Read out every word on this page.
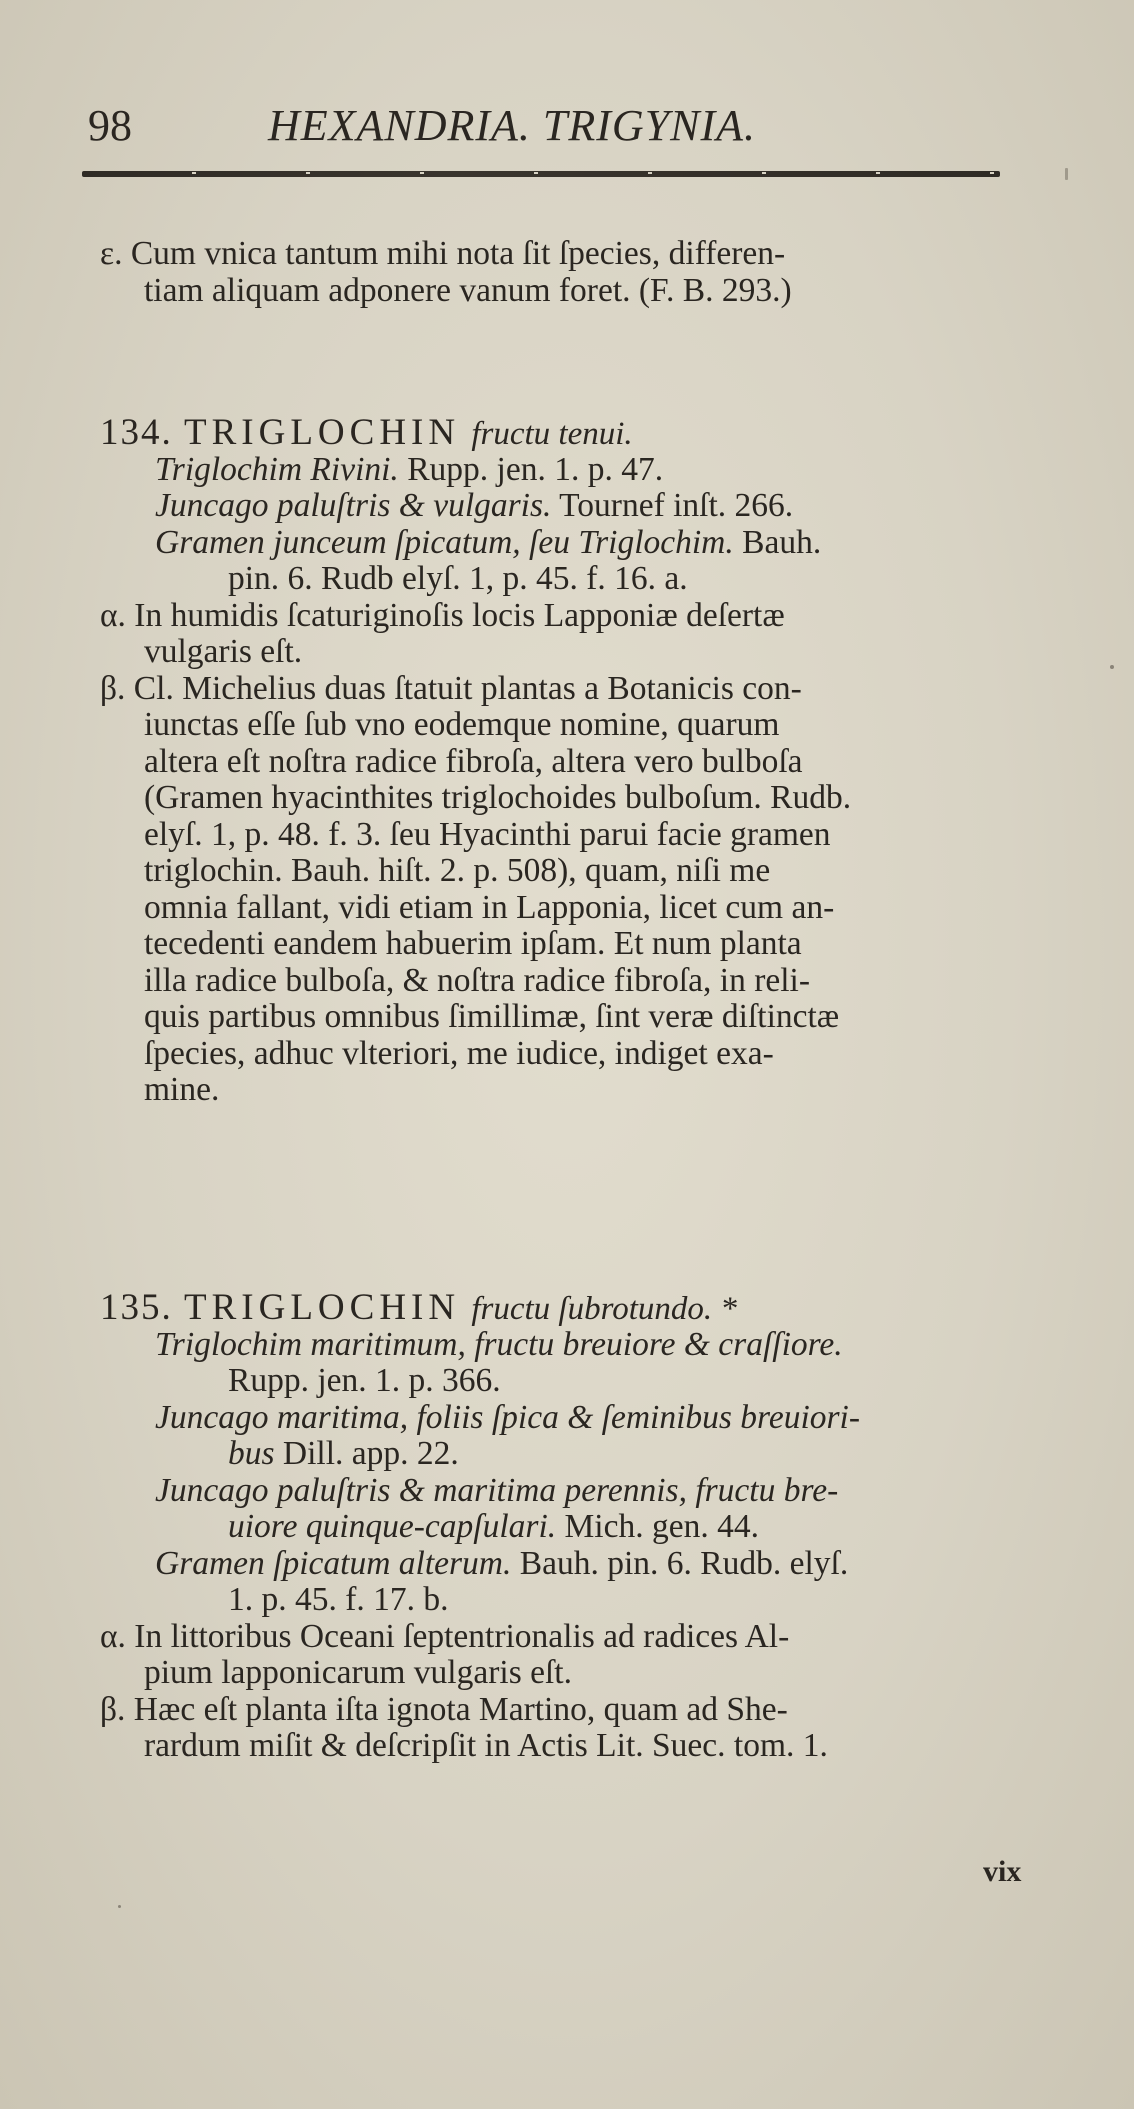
98	HEXANDRIA. TRIGYNIA.
ε. Cum vnica tantum mihi nota ſit ſpecies, differen-
tiam aliquam adponere vanum foret. (F. B. 293.)
134. TRIGLOCHIN fructu tenui.
Triglochim Rivini. Rupp. jen. 1. p. 47.
Juncago paluſtris & vulgaris. Tournef inſt. 266.
Gramen junceum ſpicatum, ſeu Triglochim. Bauh.
pin. 6. Rudb elyſ. 1, p. 45. f. 16. a.
α. In humidis ſcaturiginoſis locis Lapponiæ deſertæ
vulgaris eſt.
β. Cl. Michelius duas ſtatuit plantas a Botanicis con-
iunctas eſſe ſub vno eodemque nomine, quarum
altera eſt noſtra radice fibroſa, altera vero bulboſa
(Gramen hyacinthites triglochoides bulboſum. Rudb.
elyſ. 1, p. 48. f. 3. ſeu Hyacinthi parui facie gramen
triglochin. Bauh. hiſt. 2. p. 508), quam, niſi me
omnia fallant, vidi etiam in Lapponia, licet cum an-
tecedenti eandem habuerim ipſam. Et num planta
illa radice bulboſa, & noſtra radice fibroſa, in reli-
quis partibus omnibus ſimillimæ, ſint veræ diſtinctæ
ſpecies, adhuc vlteriori, me iudice, indiget exa-
mine.
135. TRIGLOCHIN fructu ſubrotundo. *
Triglochim maritimum, fructu breuiore & craſſiore.
Rupp. jen. 1. p. 366.
Juncago maritima, foliis ſpica & ſeminibus breuiori-
bus Dill. app. 22.
Juncago paluſtris & maritima perennis, fructu bre-
uiore quinque-capſulari. Mich. gen. 44.
Gramen ſpicatum alterum. Bauh. pin. 6. Rudb. elyſ.
1. p. 45. f. 17. b.
α. In littoribus Oceani ſeptentrionalis ad radices Al-
pium lapponicarum vulgaris eſt.
β. Hæc eſt planta iſta ignota Martino, quam ad She-
rardum miſit & deſcripſit in Actis Lit. Suec. tom. 1.
vix
